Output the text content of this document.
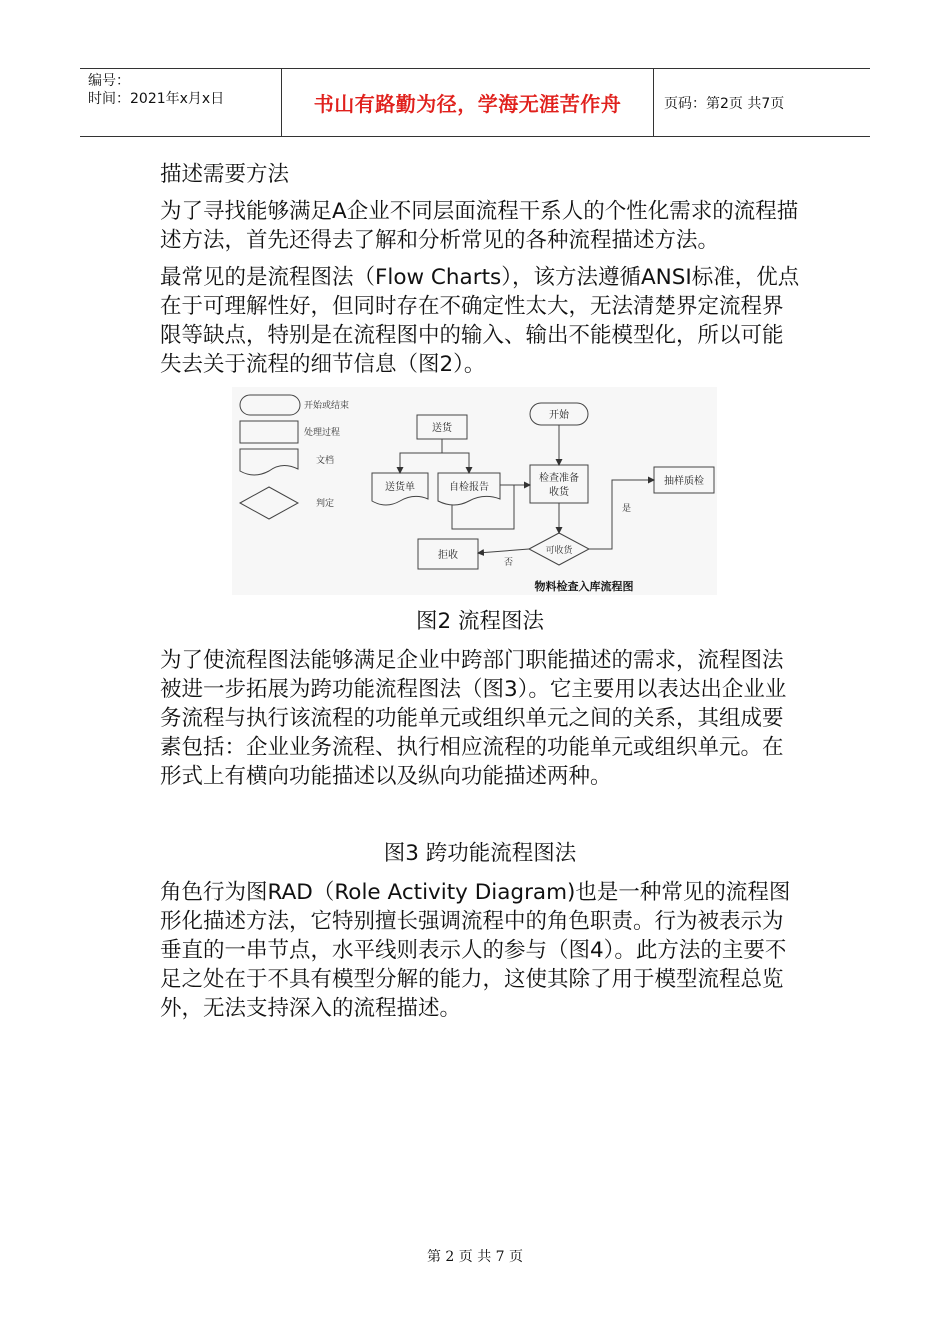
编号：
时间：2021年x月x日	书山有路勤为径，学海无涯苦作舟	页码：第2页 共7页

描述需要方法

为了寻找能够满足A企业不同层面流程干系人的个性化需求的流程描述方法，首先还得去了解和分析常见的各种流程描述方法。

最常见的是流程图法（Flow Charts），该方法遵循ANSI标准，优点在于可理解性好，但同时存在不确定性太大，无法清楚界定流程界限等缺点，特别是在流程图中的输入、输出不能模型化，所以可能失去关于流程的细节信息（图2）。

开始或结束
处理过程
文档
判定
送货
开始
送货单	自检报告
检查准备
收货
抽样质检
可收货
拒收
是
否
物料检查入库流程图
图2 流程图法

为了使流程图法能够满足企业中跨部门职能描述的需求，流程图法被进一步拓展为跨功能流程图法（图3）。它主要用以表达出企业业务流程与执行该流程的功能单元或组织单元之间的关系，其组成要素包括：企业业务流程、执行相应流程的功能单元或组织单元。在形式上有横向功能描述以及纵向功能描述两种。

图3 跨功能流程图法

角色行为图RAD（Role Activity Diagram)也是一种常见的流程图形化描述方法，它特别擅长强调流程中的角色职责。行为被表示为垂直的一串节点，水平线则表示人的参与（图4）。此方法的主要不足之处在于不具有模型分解的能力，这使其除了用于模型流程总览外，无法支持深入的流程描述。

第 2 页 共 7 页
